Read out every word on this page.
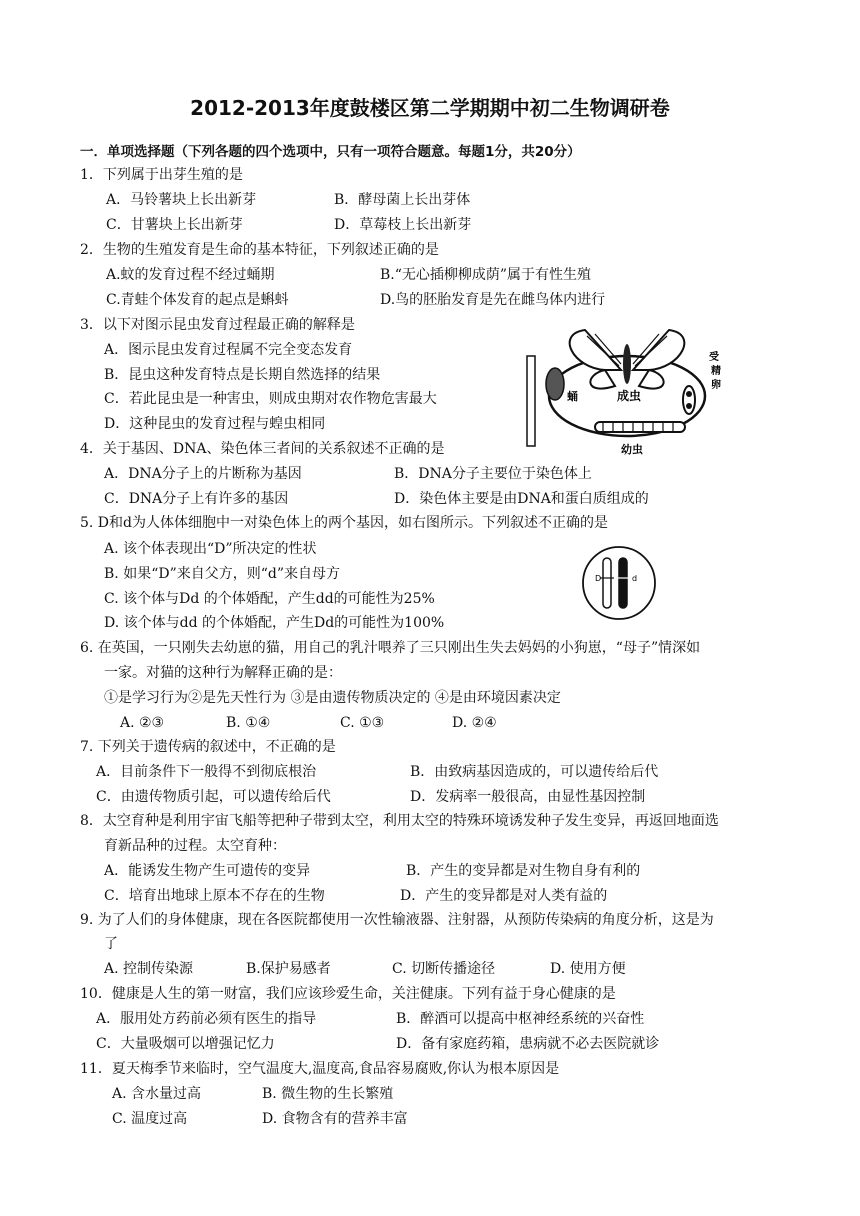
2012-2013年度鼓楼区第二学期期中初二生物调研卷
一．单项选择题（下列各题的四个选项中，只有一项符合题意。每题1分，共20分）
1．下列属于出芽生殖的是
A．马铃薯块上长出新芽	B．酵母菌上长出芽体
C．甘薯块上长出新芽	D．草莓枝上长出新芽
2．生物的生殖发育是生命的基本特征，下列叙述正确的是
A.蚊的发育过程不经过蛹期	B.“无心插柳柳成荫”属于有性生殖
C.青蛙个体发育的起点是蝌蚪	D.鸟的胚胎发育是先在雌鸟体内进行
3．以下对图示昆虫发育过程最正确的解释是
A．图示昆虫发育过程属不完全变态发育
B．昆虫这种发育特点是长期自然选择的结果
C．若此昆虫是一种害虫，则成虫期对农作物危害最大
D．这种昆虫的发育过程与蝗虫相同
成虫
蛹
受
精
卵
幼虫
4．关于基因、DNA、染色体三者间的关系叙述不正确的是
A．DNA分子上的片断称为基因	B．DNA分子主要位于染色体上
C．DNA分子上有许多的基因	D．染色体主要是由DNA和蛋白质组成的
5. D和d为人体体细胞中一对染色体上的两个基因，如右图所示。下列叙述不正确的是
A. 该个体表现出“D”所决定的性状
B. 如果“D”来自父方，则“d”来自母方
C. 该个体与Dd 的个体婚配，产生dd的可能性为25%
D. 该个体与dd 的个体婚配，产生Dd的可能性为100%
D	d
6. 在英国，一只刚失去幼崽的猫，用自己的乳汁喂养了三只刚出生失去妈妈的小狗崽，“母子”情深如
一家。对猫的这种行为解释正确的是：
①是学习行为②是先天性行为 ③是由遗传物质决定的 ④是由环境因素决定
A. ②③	B. ①④	C. ①③	D. ②④
7. 下列关于遗传病的叙述中，不正确的是
A．目前条件下一般得不到彻底根治	B．由致病基因造成的，可以遗传给后代
C．由遗传物质引起，可以遗传给后代	D．发病率一般很高，由显性基因控制
8．太空育种是利用宇宙飞船等把种子带到太空，利用太空的特殊环境诱发种子发生变异，再返回地面选
育新品种的过程。太空育种：
A．能诱发生物产生可遗传的变异	B．产生的变异都是对生物自身有利的
C．培育出地球上原本不存在的生物	D．产生的变异都是对人类有益的
9. 为了人们的身体健康，现在各医院都使用一次性输液器、注射器，从预防传染病的角度分析，这是为
了
A. 控制传染源	B.保护易感者	C. 切断传播途径	D. 使用方便
10．健康是人生的第一财富，我们应该珍爱生命，关注健康。下列有益于身心健康的是
A．服用处方药前必须有医生的指导	B．醉酒可以提高中枢神经系统的兴奋性
C．大量吸烟可以增强记忆力	D．备有家庭药箱，患病就不必去医院就诊
11．夏天梅季节来临时，空气温度大,温度高,食品容易腐败,你认为根本原因是
A. 含水量过高	B. 微生物的生长繁殖
C. 温度过高	D. 食物含有的营养丰富
